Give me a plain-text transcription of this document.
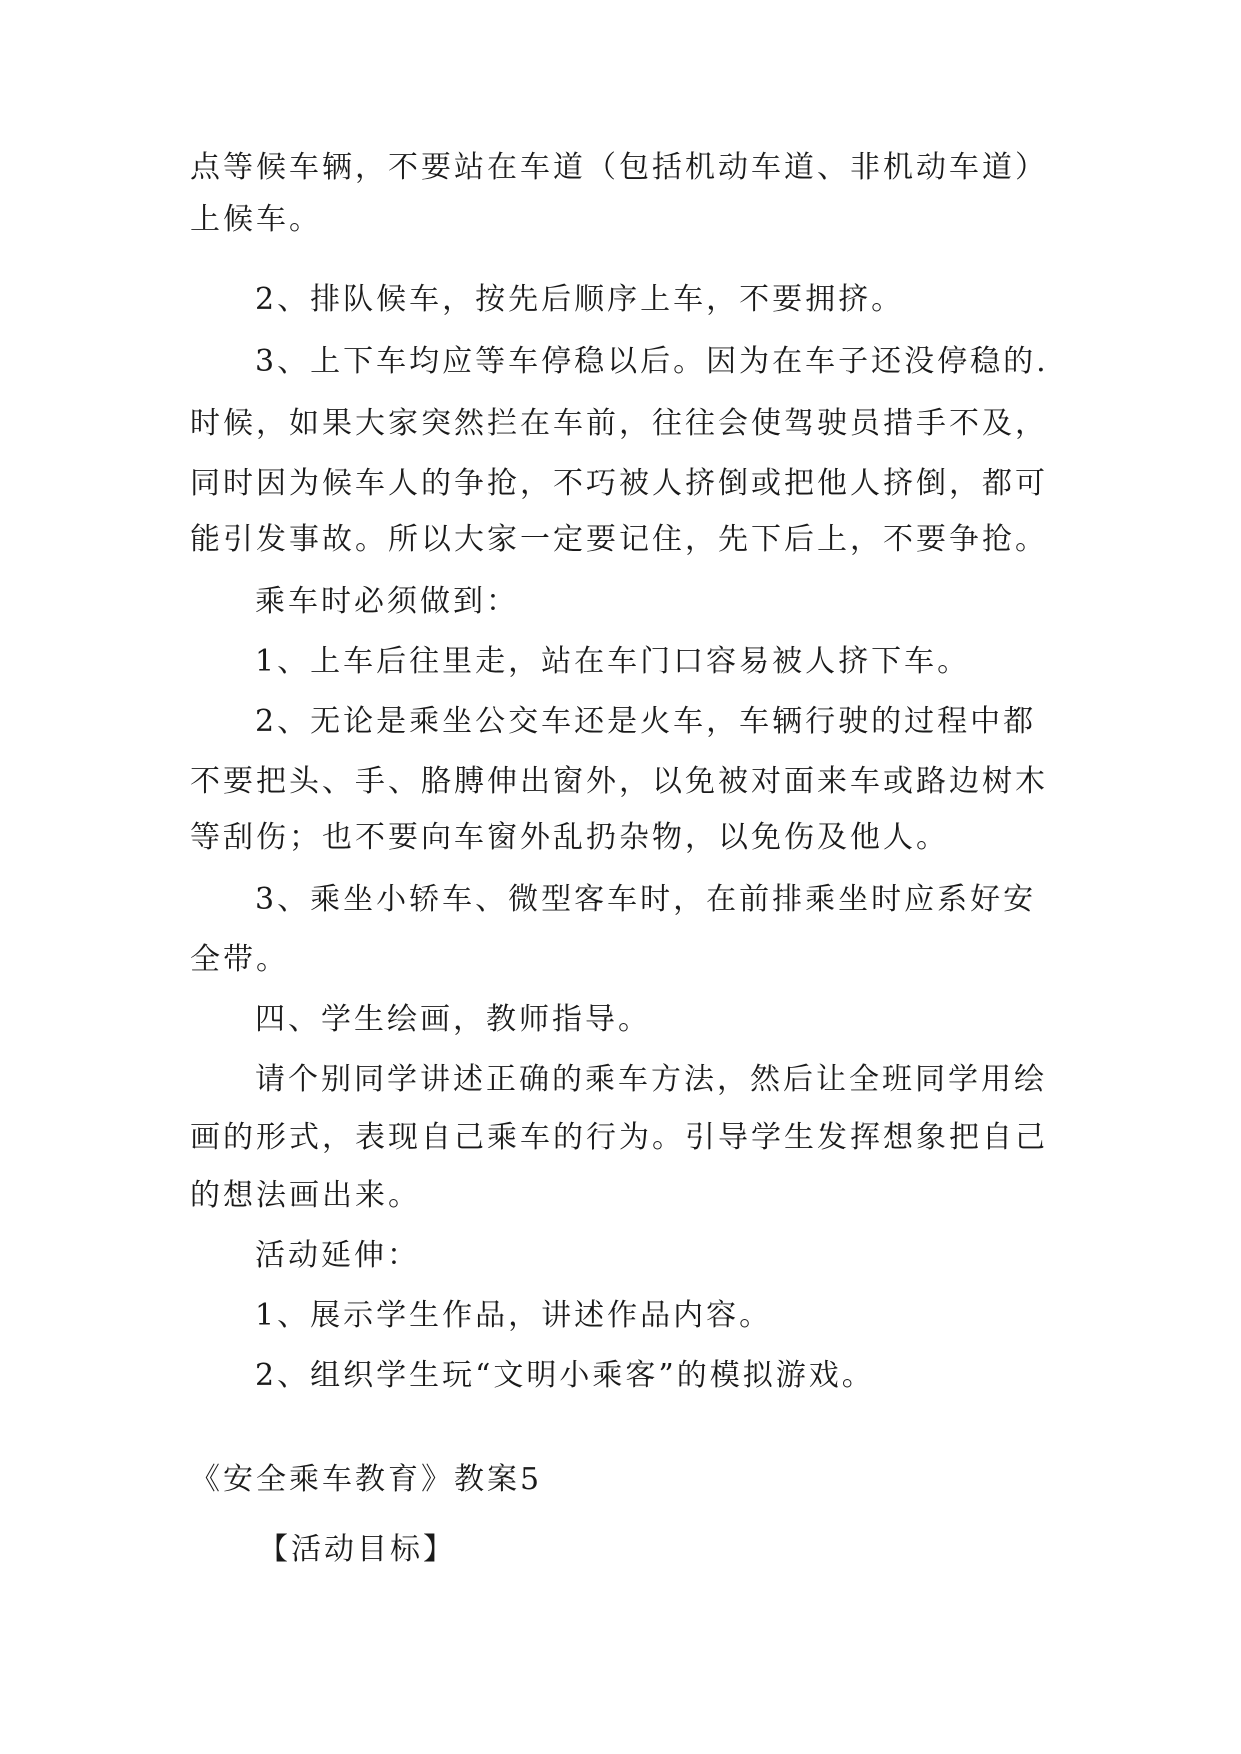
点等候车辆，不要站在车道（包括机动车道、非机动车道）
上候车。
2、排队候车，按先后顺序上车，不要拥挤。
3、上下车均应等车停稳以后。因为在车子还没停稳的.
时候，如果大家突然拦在车前，往往会使驾驶员措手不及，
同时因为候车人的争抢，不巧被人挤倒或把他人挤倒，都可
能引发事故。所以大家一定要记住，先下后上，不要争抢。
乘车时必须做到：
1、上车后往里走，站在车门口容易被人挤下车。
2、无论是乘坐公交车还是火车，车辆行驶的过程中都
不要把头、手、胳膊伸出窗外，以免被对面来车或路边树木
等刮伤；也不要向车窗外乱扔杂物，以免伤及他人。
3、乘坐小轿车、微型客车时，在前排乘坐时应系好安
全带。
四、学生绘画，教师指导。
请个别同学讲述正确的乘车方法，然后让全班同学用绘
画的形式，表现自己乘车的行为。引导学生发挥想象把自己
的想法画出来。
活动延伸：
1、展示学生作品，讲述作品内容。
2、组织学生玩“文明小乘客”的模拟游戏。
《安全乘车教育》教案5
【活动目标】
